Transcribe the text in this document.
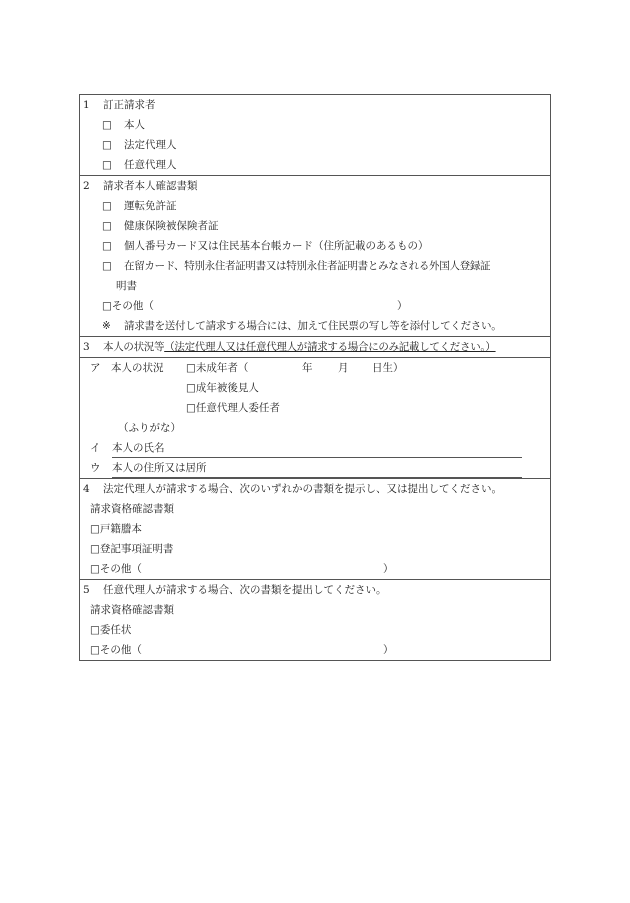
1 訂正請求者
□ 本人
□ 法定代理人
□ 任意代理人
2 請求者本人確認書類
□ 運転免許証
□ 健康保険被保険者証
□ 個人番号カード又は住民基本台帳カード（住所記載のあるもの）
□ 在留カード、特別永住者証明書又は特別永住者証明書とみなされる外国人登録証
明書
□その他（	）
※ 請求書を送付して請求する場合には、加えて住民票の写し等を添付してください。
3 本人の状況等（法定代理人又は任意代理人が請求する場合にのみ記載してください。）
ア　本人の状況 □未成年者（	年 月 日生）
□成年被後見人
□任意代理人委任者
（ふりがな）
イ 本人の氏名
ウ 本人の住所又は居所
4 法定代理人が請求する場合、次のいずれかの書類を提示し、又は提出してください。
請求資格確認書類
□戸籍謄本
□登記事項証明書
□その他（	）
5 任意代理人が請求する場合、次の書類を提出してください。
請求資格確認書類
□委任状
□その他（	）
